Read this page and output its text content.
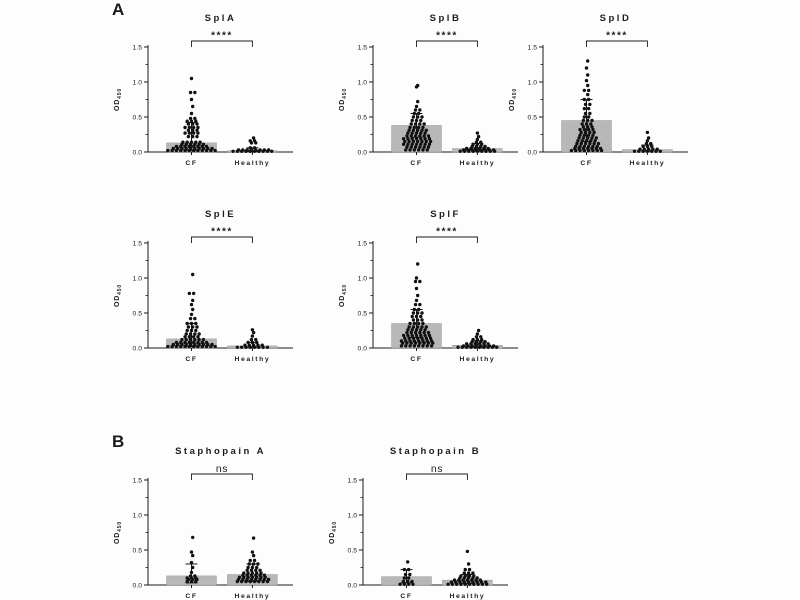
A
B
SplA
****
0.0
0.5
1.0
1.5
$OD_{450}$
CF	Healthy
SplB
****
0.0
0.5
1.0
1.5
$OD_{450}$
CF	Healthy
SplD
****
0.0
0.5
1.0
1.5
$OD_{450}$
CF	Healthy
SplE
****
0.0
0.5
1.0
1.5
$OD_{450}$
CF	Healthy
SplF
****
0.0
0.5
1.0
1.5
$OD_{450}$
CF	Healthy
Staphopain A
ns
0.0
0.5
1.0
1.5
$OD_{450}$
CF	Healthy
Staphopain B
ns
0.0
0.5
1.0
1.5
$OD_{450}$
CF	Healthy
